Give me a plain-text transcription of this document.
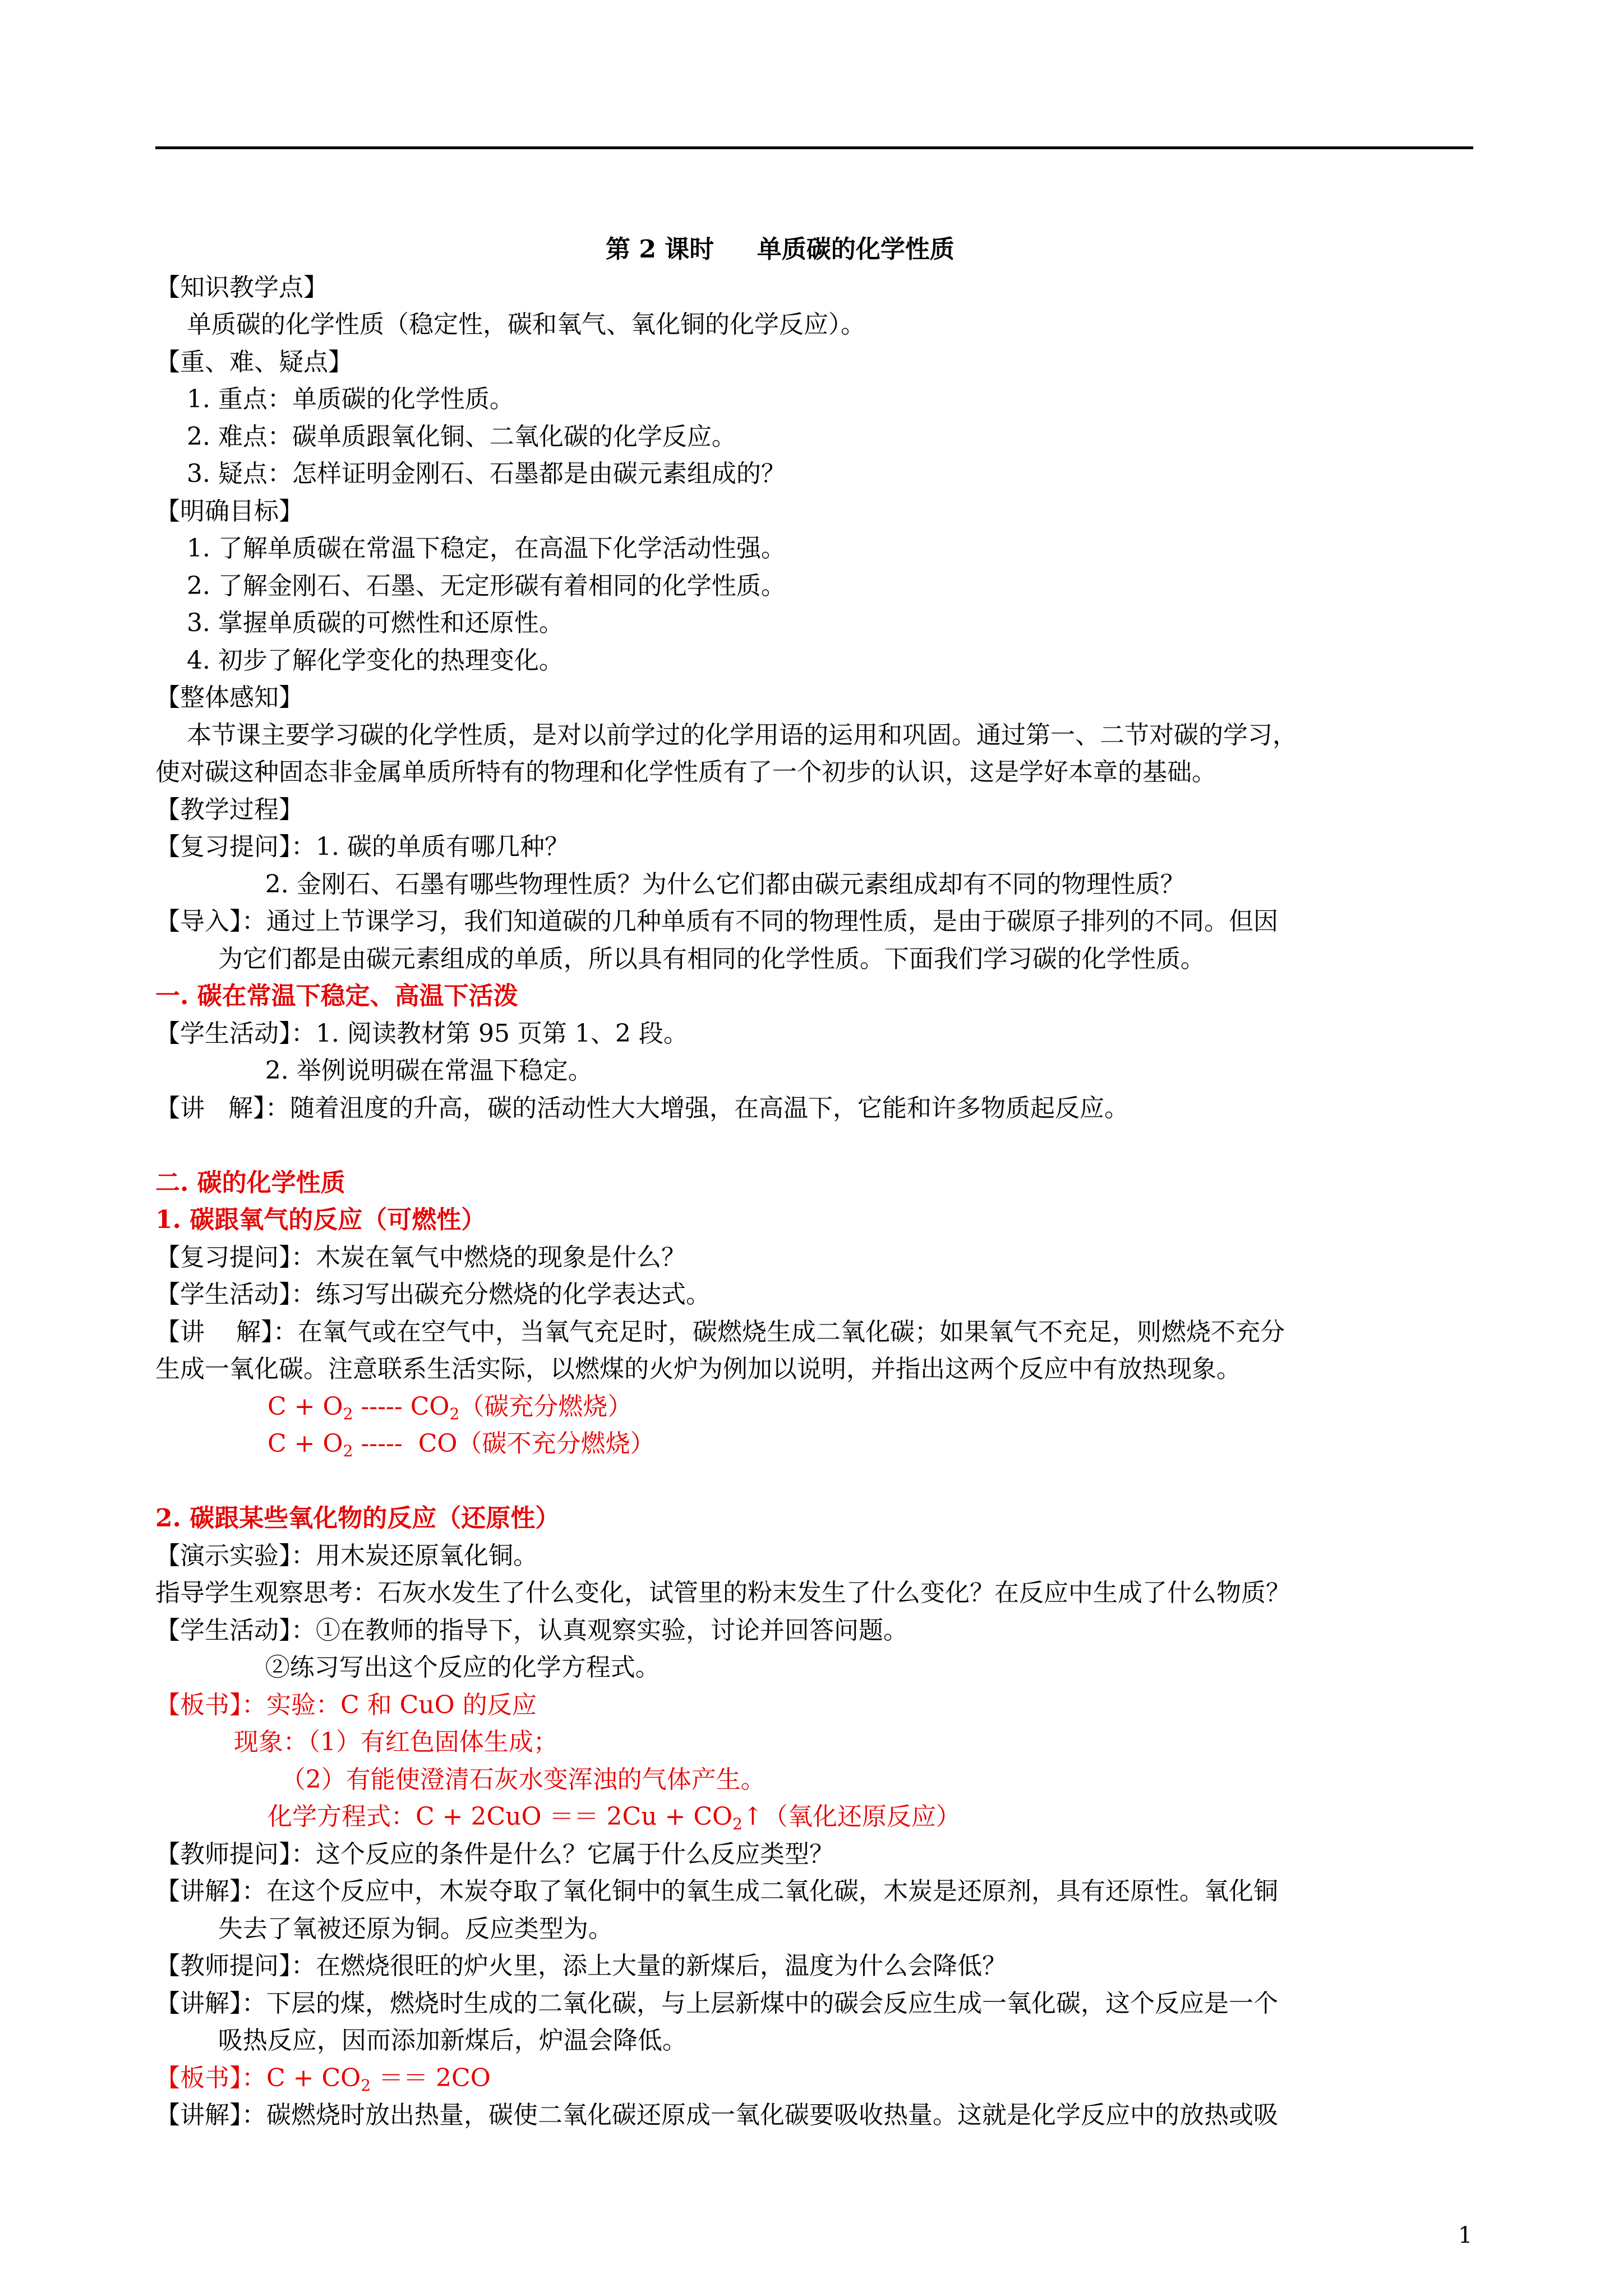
第 2 课时     单质碳的化学性质
【知识教学点】
单质碳的化学性质（稳定性，碳和氧气、氧化铜的化学反应）。
【重、难、疑点】
1. 重点：单质碳的化学性质。
2. 难点：碳单质跟氧化铜、二氧化碳的化学反应。
3. 疑点：怎样证明金刚石、石墨都是由碳元素组成的？
【明确目标】
1. 了解单质碳在常温下稳定，在高温下化学活动性强。
2. 了解金刚石、石墨、无定形碳有着相同的化学性质。
3. 掌握单质碳的可燃性和还原性。
4. 初步了解化学变化的热理变化。
【整体感知】
本节课主要学习碳的化学性质，是对以前学过的化学用语的运用和巩固。通过第一、二节对碳的学习，
使对碳这种固态非金属单质所特有的物理和化学性质有了一个初步的认识，这是学好本章的基础。
【教学过程】
【复习提问】：1. 碳的单质有哪几种？
2. 金刚石、石墨有哪些物理性质？为什么它们都由碳元素组成却有不同的物理性质？
【导入】：通过上节课学习，我们知道碳的几种单质有不同的物理性质，是由于碳原子排列的不同。但因
为它们都是由碳元素组成的单质，所以具有相同的化学性质。下面我们学习碳的化学性质。
一. 碳在常温下稳定、高温下活泼
【学生活动】：1. 阅读教材第 95 页第 1、2 段。
2. 举例说明碳在常温下稳定。
【讲   解】：随着沮度的升高，碳的活动性大大增强，在高温下，它能和许多物质起反应。
二. 碳的化学性质
1. 碳跟氧气的反应（可燃性）
【复习提问】：木炭在氧气中燃烧的现象是什么？
【学生活动】：练习写出碳充分燃烧的化学表达式。
【讲    解】：在氧气或在空气中，当氧气充足时，碳燃烧生成二氧化碳；如果氧气不充足，则燃烧不充分
生成一氧化碳。注意联系生活实际，以燃煤的火炉为例加以说明，并指出这两个反应中有放热现象。
$C + O_2$ ----- $CO_2$（碳充分燃烧）
$C + O_2$ -----  CO（碳不充分燃烧）
2. 碳跟某些氧化物的反应（还原性）
【演示实验】：用木炭还原氧化铜。
指导学生观察思考：石灰水发生了什么变化，试管里的粉末发生了什么变化？在反应中生成了什么物质？
【学生活动】：①在教师的指导下，认真观察实验，讨论并回答问题。
②练习写出这个反应的化学方程式。
【板书】：实验：C 和 CuO 的反应
现象：（1）有红色固体生成；
（2）有能使澄清石灰水变浑浊的气体产生。
化学方程式：$C + 2CuO == 2Cu + CO_2↑$（氧化还原反应）
【教师提问】：这个反应的条件是什么？它属于什么反应类型？
【讲解】：在这个反应中，木炭夺取了氧化铜中的氧生成二氧化碳，木炭是还原剂，具有还原性。氧化铜
失去了氧被还原为铜。反应类型为。
【教师提问】：在燃烧很旺的炉火里，添上大量的新煤后，温度为什么会降低？
【讲解】：下层的煤，燃烧时生成的二氧化碳，与上层新煤中的碳会反应生成一氧化碳，这个反应是一个
吸热反应，因而添加新煤后，炉温会降低。
【板书】：$C + CO_2 == 2CO$
【讲解】：碳燃烧时放出热量，碳使二氧化碳还原成一氧化碳要吸收热量。这就是化学反应中的放热或吸
1
